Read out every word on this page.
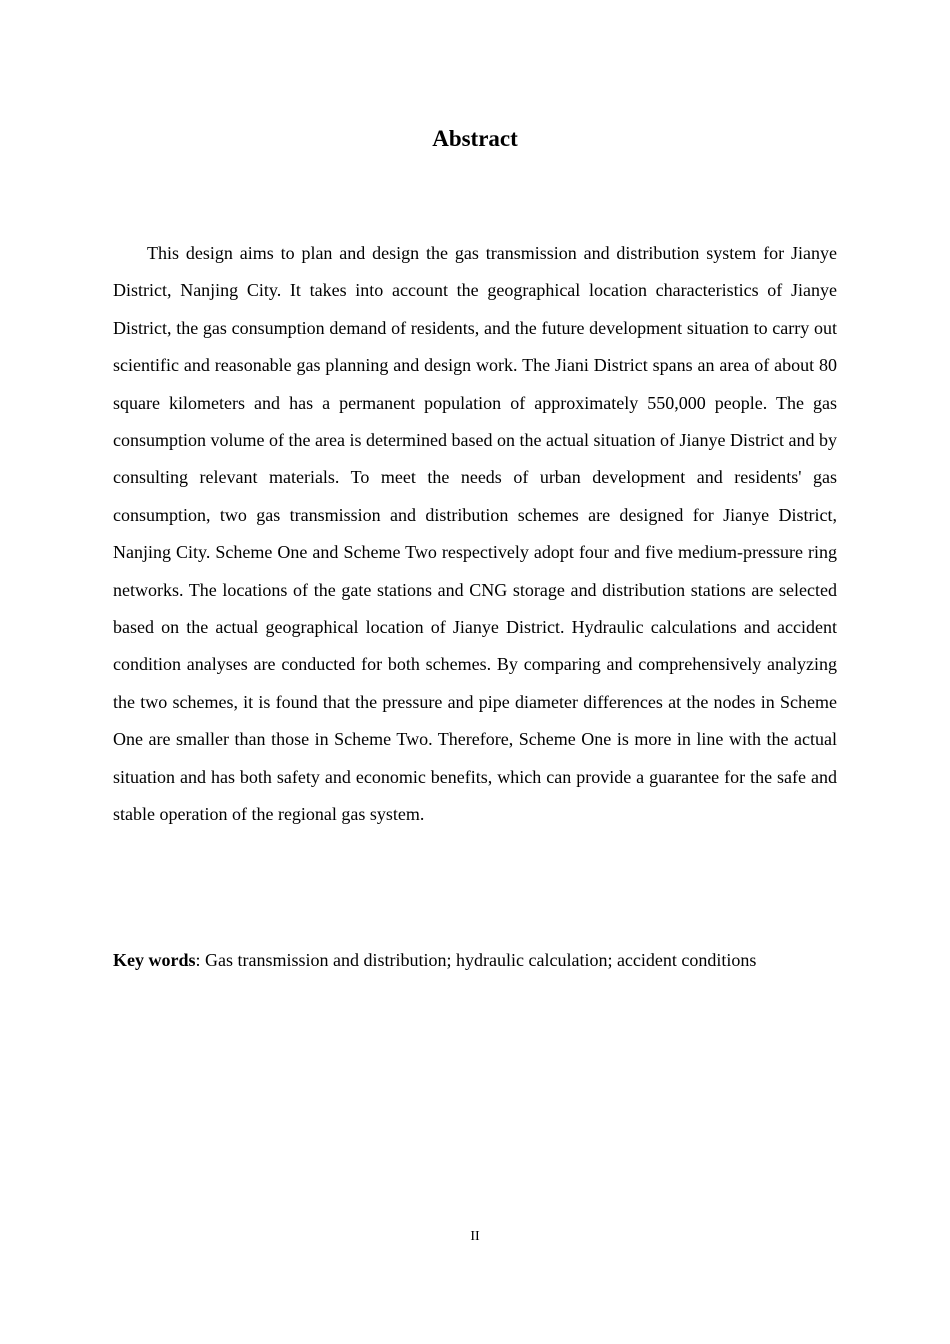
Abstract

This design aims to plan and design the gas transmission and distribution system for Jianye District, Nanjing City. It takes into account the geographical location characteristics of Jianye District, the gas consumption demand of residents, and the future development situation to carry out scientific and reasonable gas planning and design work. The Jiani District spans an area of about 80 square kilometers and has a permanent population of approximately 550,000 people. The gas consumption volume of the area is determined based on the actual situation of Jianye District and by consulting relevant materials. To meet the needs of urban development and residents' gas consumption, two gas transmission and distribution schemes are designed for Jianye District, Nanjing City. Scheme One and Scheme Two respectively adopt four and five medium-pressure ring networks. The locations of the gate stations and CNG storage and distribution stations are selected based on the actual geographical location of Jianye District. Hydraulic calculations and accident condition analyses are conducted for both schemes. By comparing and comprehensively analyzing the two schemes, it is found that the pressure and pipe diameter differences at the nodes in Scheme One are smaller than those in Scheme Two. Therefore, Scheme One is more in line with the actual situation and has both safety and economic benefits, which can provide a guarantee for the safe and stable operation of the regional gas system.

Key words: Gas transmission and distribution; hydraulic calculation; accident conditions

II
